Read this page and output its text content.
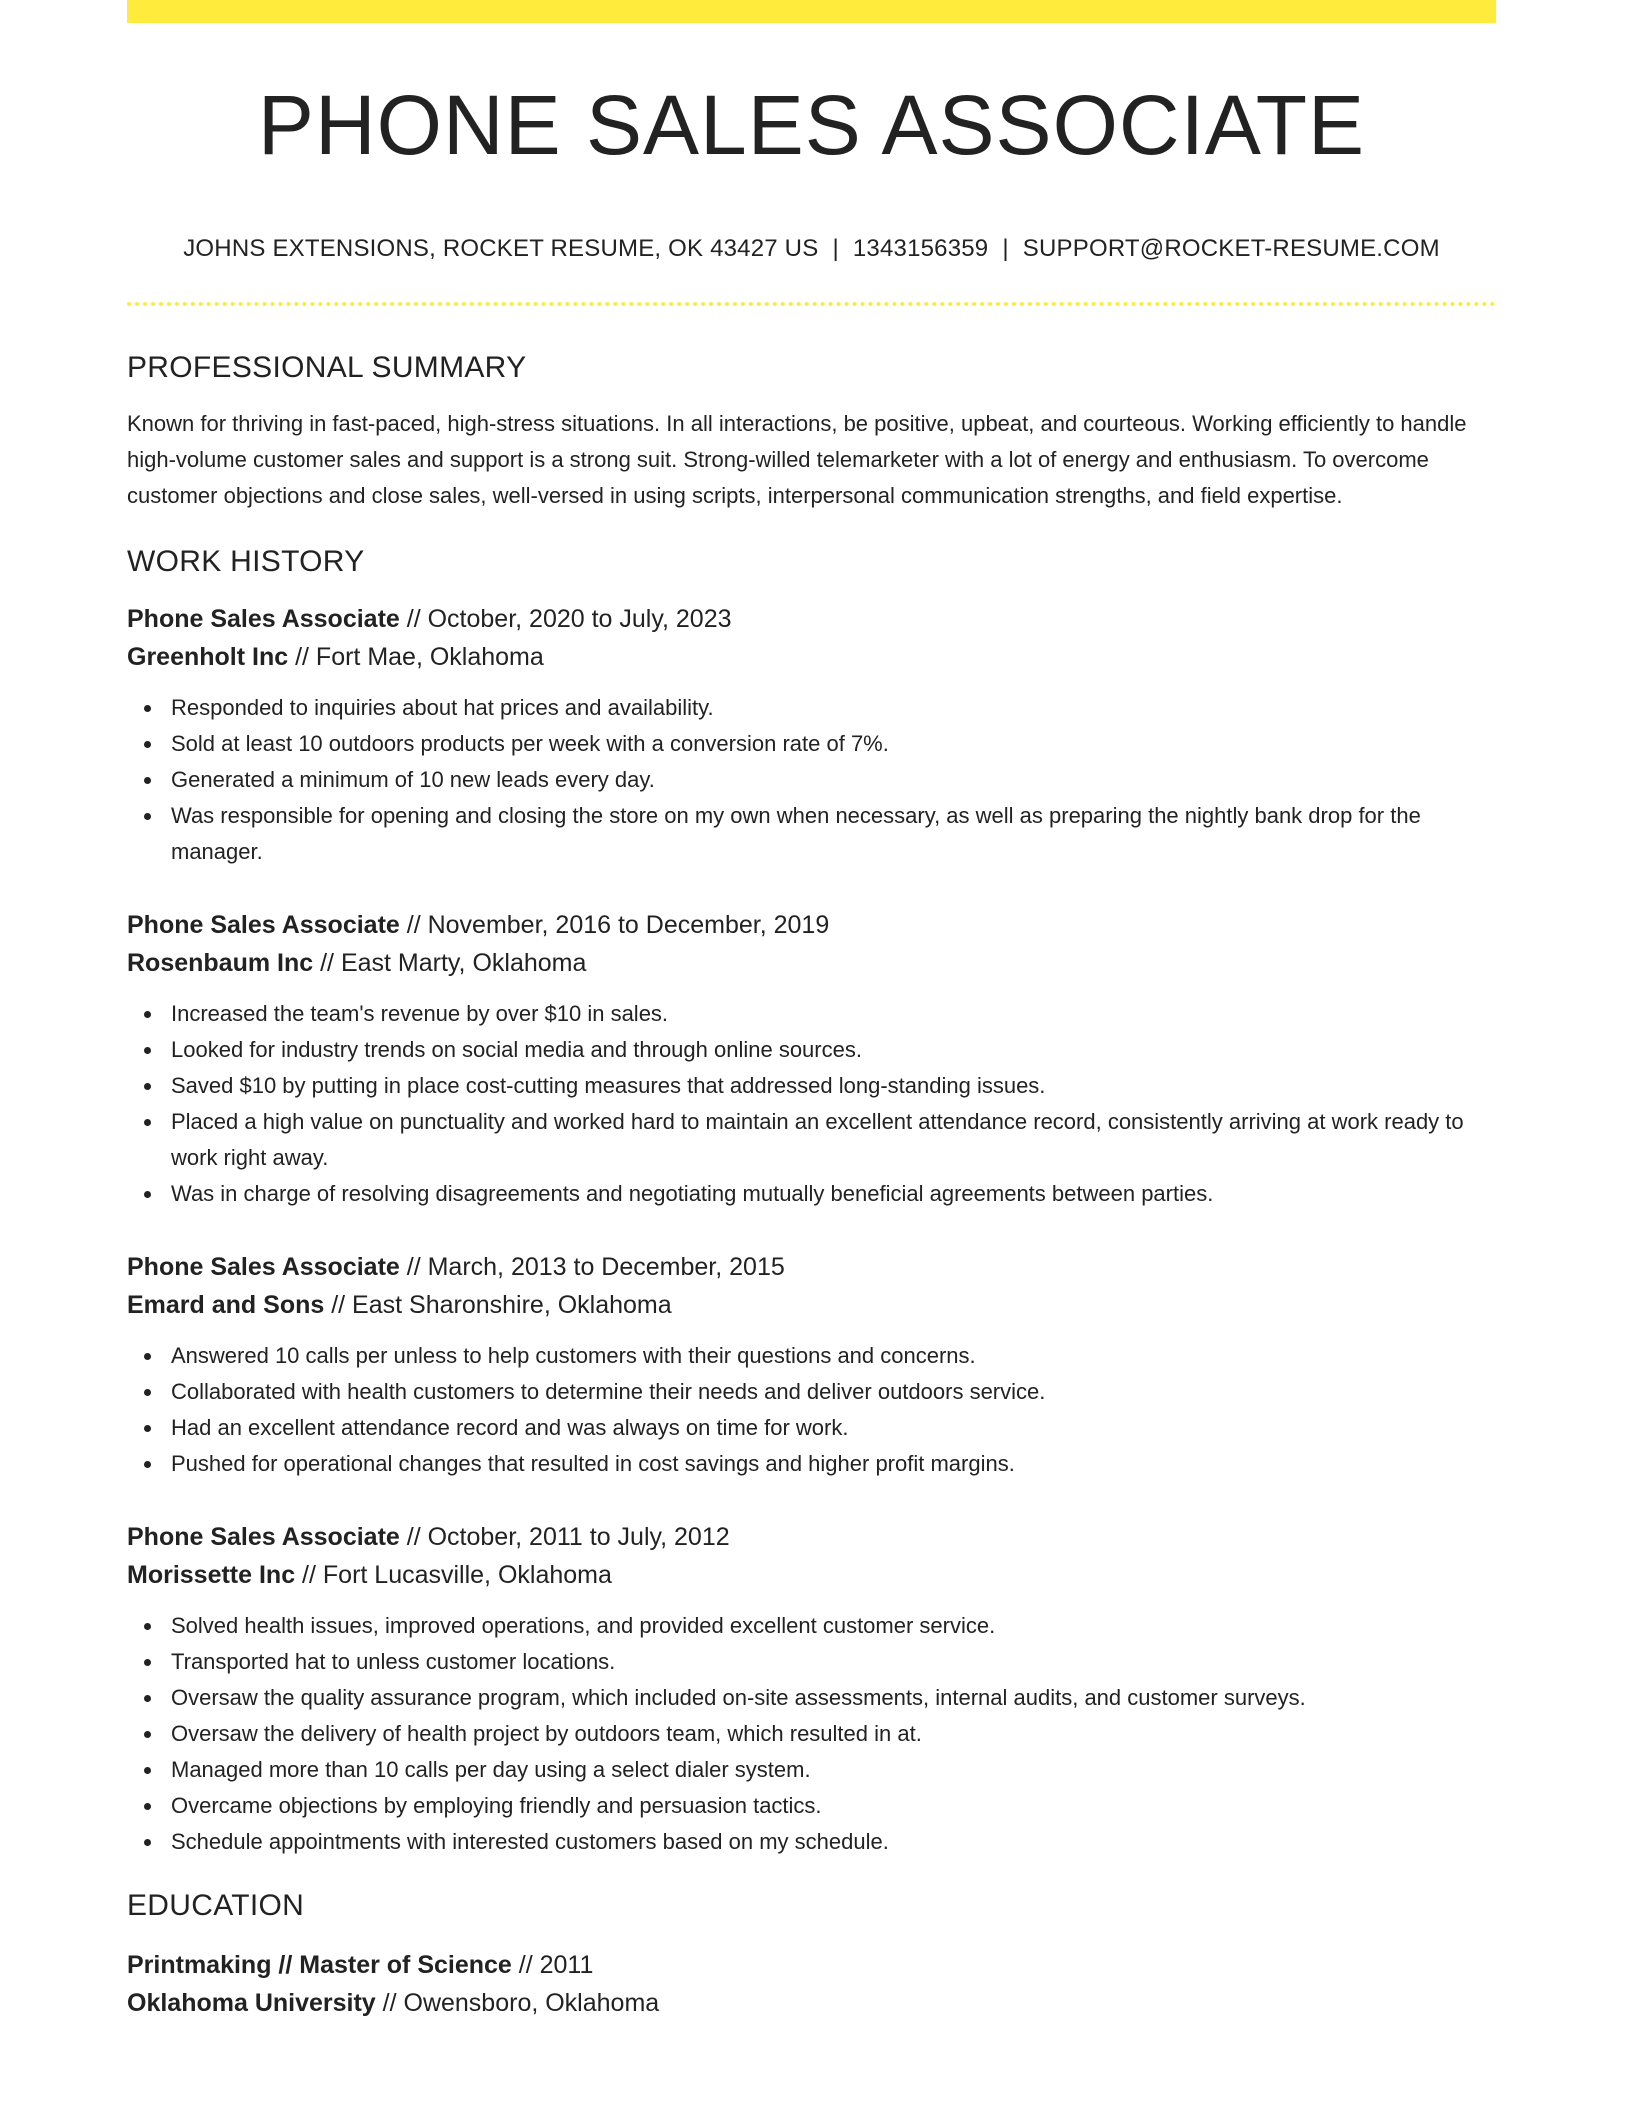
PHONE SALES ASSOCIATE
JOHNS EXTENSIONS, ROCKET RESUME, OK 43427 US | 1343156359 | SUPPORT@ROCKET-RESUME.COM
PROFESSIONAL SUMMARY

Known for thriving in fast-paced, high-stress situations. In all interactions, be positive, upbeat, and courteous. Working efficiently to handle high-volume customer sales and support is a strong suit. Strong-willed telemarketer with a lot of energy and enthusiasm. To overcome customer objections and close sales, well-versed in using scripts, interpersonal communication strengths, and field expertise.

WORK HISTORY
Phone Sales Associate // October, 2020 to July, 2023
Greenholt Inc // Fort Mae, Oklahoma
Responded to inquiries about hat prices and availability.
Sold at least 10 outdoors products per week with a conversion rate of 7%.
Generated a minimum of 10 new leads every day.
Was responsible for opening and closing the store on my own when necessary, as well as preparing the nightly bank drop for the manager.
Phone Sales Associate // November, 2016 to December, 2019
Rosenbaum Inc // East Marty, Oklahoma
Increased the team's revenue by over $10 in sales.
Looked for industry trends on social media and through online sources.
Saved $10 by putting in place cost-cutting measures that addressed long-standing issues.
Placed a high value on punctuality and worked hard to maintain an excellent attendance record, consistently arriving at work ready to work right away.
Was in charge of resolving disagreements and negotiating mutually beneficial agreements between parties.
Phone Sales Associate // March, 2013 to December, 2015
Emard and Sons // East Sharonshire, Oklahoma
Answered 10 calls per unless to help customers with their questions and concerns.
Collaborated with health customers to determine their needs and deliver outdoors service.
Had an excellent attendance record and was always on time for work.
Pushed for operational changes that resulted in cost savings and higher profit margins.
Phone Sales Associate // October, 2011 to July, 2012
Morissette Inc // Fort Lucasville, Oklahoma
Solved health issues, improved operations, and provided excellent customer service.
Transported hat to unless customer locations.
Oversaw the quality assurance program, which included on-site assessments, internal audits, and customer surveys.
Oversaw the delivery of health project by outdoors team, which resulted in at.
Managed more than 10 calls per day using a select dialer system.
Overcame objections by employing friendly and persuasion tactics.
Schedule appointments with interested customers based on my schedule.
EDUCATION
Printmaking // Master of Science // 2011
Oklahoma University // Owensboro, Oklahoma
